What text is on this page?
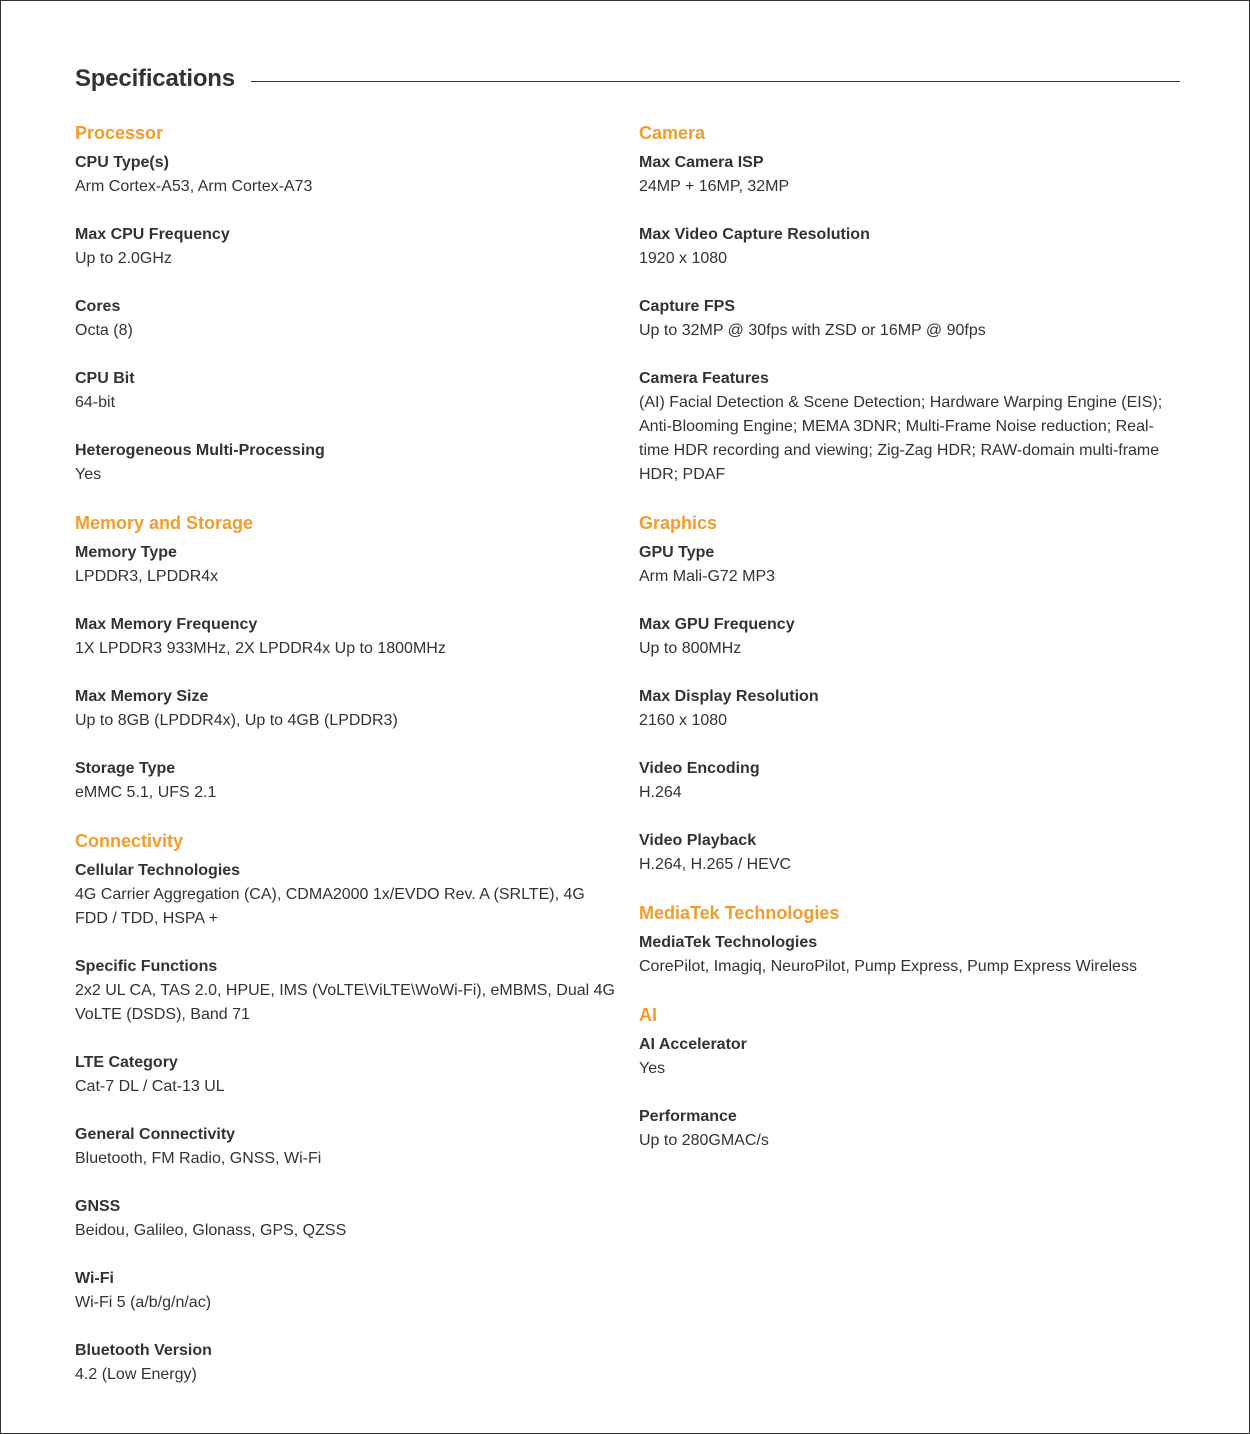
Specifications
Processor
CPU Type(s)
Arm Cortex-A53, Arm Cortex-A73
Max CPU Frequency
Up to 2.0GHz
Cores
Octa (8)
CPU Bit
64-bit
Heterogeneous Multi-Processing
Yes
Memory and Storage
Memory Type
LPDDR3, LPDDR4x
Max Memory Frequency
1X LPDDR3 933MHz, 2X LPDDR4x Up to 1800MHz
Max Memory Size
Up to 8GB (LPDDR4x), Up to 4GB (LPDDR3)
Storage Type
eMMC 5.1, UFS 2.1
Connectivity
Cellular Technologies
4G Carrier Aggregation (CA), CDMA2000 1x/EVDO Rev. A (SRLTE), 4G FDD / TDD, HSPA +
Specific Functions
2x2 UL CA, TAS 2.0, HPUE, IMS (VoLTE\ViLTE\WoWi-Fi), eMBMS, Dual 4G VoLTE (DSDS), Band 71
LTE Category
Cat-7 DL / Cat-13 UL
General Connectivity
Bluetooth, FM Radio, GNSS, Wi-Fi
GNSS
Beidou, Galileo, Glonass, GPS, QZSS
Wi-Fi
Wi-Fi 5 (a/b/g/n/ac)
Bluetooth Version
4.2 (Low Energy)
Camera
Max Camera ISP
24MP + 16MP, 32MP
Max Video Capture Resolution
1920 x 1080
Capture FPS
Up to 32MP @ 30fps with ZSD or 16MP @ 90fps
Camera Features
(AI) Facial Detection & Scene Detection; Hardware Warping Engine (EIS); Anti-Blooming Engine; MEMA 3DNR; Multi-Frame Noise reduction; Real-time HDR recording and viewing; Zig-Zag HDR; RAW-domain multi-frame HDR; PDAF
Graphics
GPU Type
Arm Mali-G72 MP3
Max GPU Frequency
Up to 800MHz
Max Display Resolution
2160 x 1080
Video Encoding
H.264
Video Playback
H.264, H.265 / HEVC
MediaTek Technologies
MediaTek Technologies
CorePilot, Imagiq, NeuroPilot, Pump Express, Pump Express Wireless
AI
AI Accelerator
Yes
Performance
Up to 280GMAC/s
